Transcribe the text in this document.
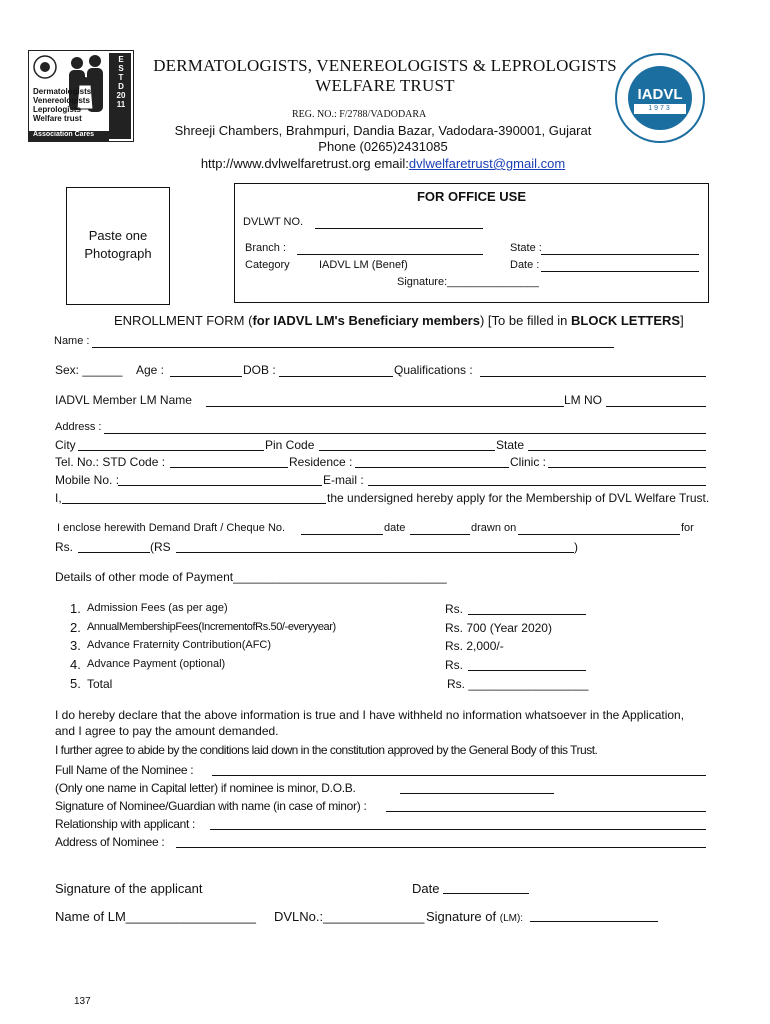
ESTD 2011
Dermatologists
Venereologists
Leprologists
Welfare trust
Association Cares
IADVL
1973
DERMATOLOGISTS, VENEREOLOGISTS & LEPROLOGISTS
WELFARE TRUST
REG. NO.: F/2788/VADODARA
Shreeji Chambers, Brahmpuri, Dandia Bazar, Vadodara-390001, Gujarat
Phone (0265)2431085
http://www.dvlwelfaretrust.org email:dvlwelfaretrust@gmail.com
Paste one
Photograph
FOR OFFICE USE
DVLWT NO.
Branch :	State :
Category	IADVL LM (Benef)	Date :
Signature:_______________
ENROLLMENT FORM (for IADVL LM's Beneficiary members) [To be filled in BLOCK LETTERS]
Name :
Sex: ______ Age :	DOB :	Qualifications :
IADVL Member LM Name	LM NO
Address :
City	Pin Code	State
Tel. No.: STD Code :	Residence :	Clinic :
Mobile No. :	E-mail :
I,	the undersigned hereby apply for the Membership of DVL Welfare Trust.
I enclose herewith Demand Draft / Cheque No.	date	drawn on	for
Rs.	(RS	)
Details of other mode of Payment________________________________
1. Admission Fees (as per age)	Rs.
2. AnnualMembershipFees(IncrementofRs.50/-everyyear)	Rs. 700 (Year 2020)
3. Advance Fraternity Contribution(AFC)	Rs. 2,000/-
4. Advance Payment (optional)	Rs.
5. Total	Rs. __________________
I do hereby declare that the above information is true and I have withheld no information whatsoever in the Application,
and I agree to pay the amount demanded.
I further agree to abide by the conditions laid down in the constitution approved by the General Body of this Trust.
Full Name of the Nominee :
(Only one name in Capital letter) if nominee is minor, D.O.B.
Signature of Nominee/Guardian with name (in case of minor) :
Relationship with applicant :
Address of Nominee :
Signature of the applicant	Date
Name of LM__________________ DVLNo.:______________ Signature of (LM):
137
